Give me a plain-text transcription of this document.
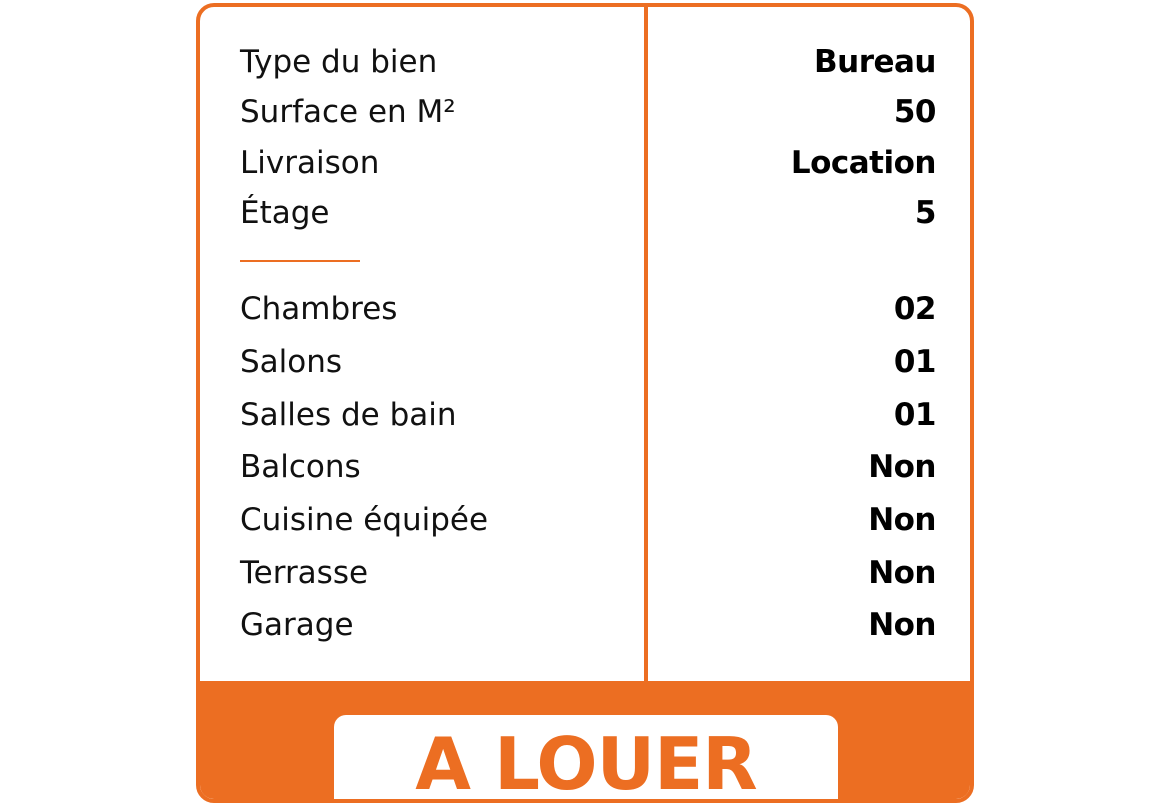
Type du bien
Surface en M²
Livraison
Étage
Chambres
Salons
Salles de bain
Balcons
Cuisine équipée
Terrasse
Garage
Bureau
50
Location
5
02
01
01
Non
Non
Non
Non
A LOUER
